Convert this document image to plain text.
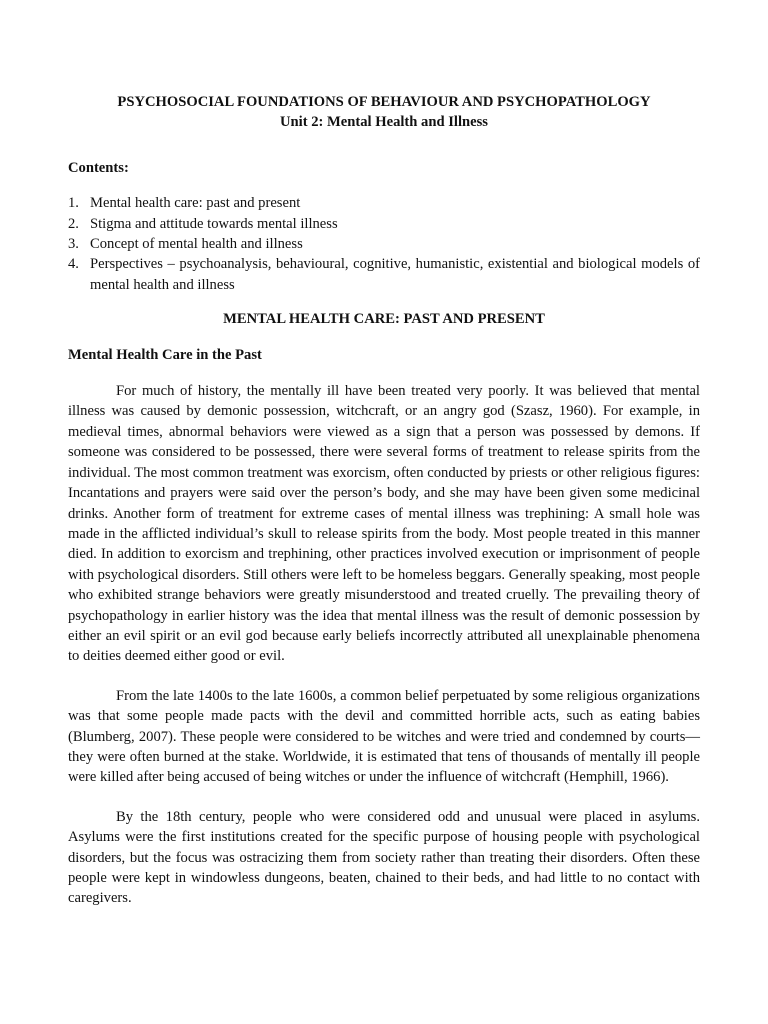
PSYCHOSOCIAL FOUNDATIONS OF BEHAVIOUR AND PSYCHOPATHOLOGY

Unit 2: Mental Health and Illness

Contents:

1. Mental health care: past and present
2. Stigma and attitude towards mental illness
3. Concept of mental health and illness
4. Perspectives – psychoanalysis, behavioural, cognitive, humanistic, existential and biological models of mental health and illness

MENTAL HEALTH CARE: PAST AND PRESENT

Mental Health Care in the Past

For much of history, the mentally ill have been treated very poorly. It was believed that mental illness was caused by demonic possession, witchcraft, or an angry god (Szasz, 1960). For example, in medieval times, abnormal behaviors were viewed as a sign that a person was possessed by demons. If someone was considered to be possessed, there were several forms of treatment to release spirits from the individual. The most common treatment was exorcism, often conducted by priests or other religious figures: Incantations and prayers were said over the person’s body, and she may have been given some medicinal drinks. Another form of treatment for extreme cases of mental illness was trephining: A small hole was made in the afflicted individual’s skull to release spirits from the body. Most people treated in this manner died. In addition to exorcism and trephining, other practices involved execution or imprisonment of people with psychological disorders. Still others were left to be homeless beggars. Generally speaking, most people who exhibited strange behaviors were greatly misunderstood and treated cruelly. The prevailing theory of psychopathology in earlier history was the idea that mental illness was the result of demonic possession by either an evil spirit or an evil god because early beliefs incorrectly attributed all unexplainable phenomena to deities deemed either good or evil.

From the late 1400s to the late 1600s, a common belief perpetuated by some religious organizations was that some people made pacts with the devil and committed horrible acts, such as eating babies (Blumberg, 2007). These people were considered to be witches and were tried and condemned by courts—they were often burned at the stake. Worldwide, it is estimated that tens of thousands of mentally ill people were killed after being accused of being witches or under the influence of witchcraft (Hemphill, 1966).

By the 18th century, people who were considered odd and unusual were placed in asylums. Asylums were the first institutions created for the specific purpose of housing people with psychological disorders, but the focus was ostracizing them from society rather than treating their disorders. Often these people were kept in windowless dungeons, beaten, chained to their beds, and had little to no contact with caregivers.
